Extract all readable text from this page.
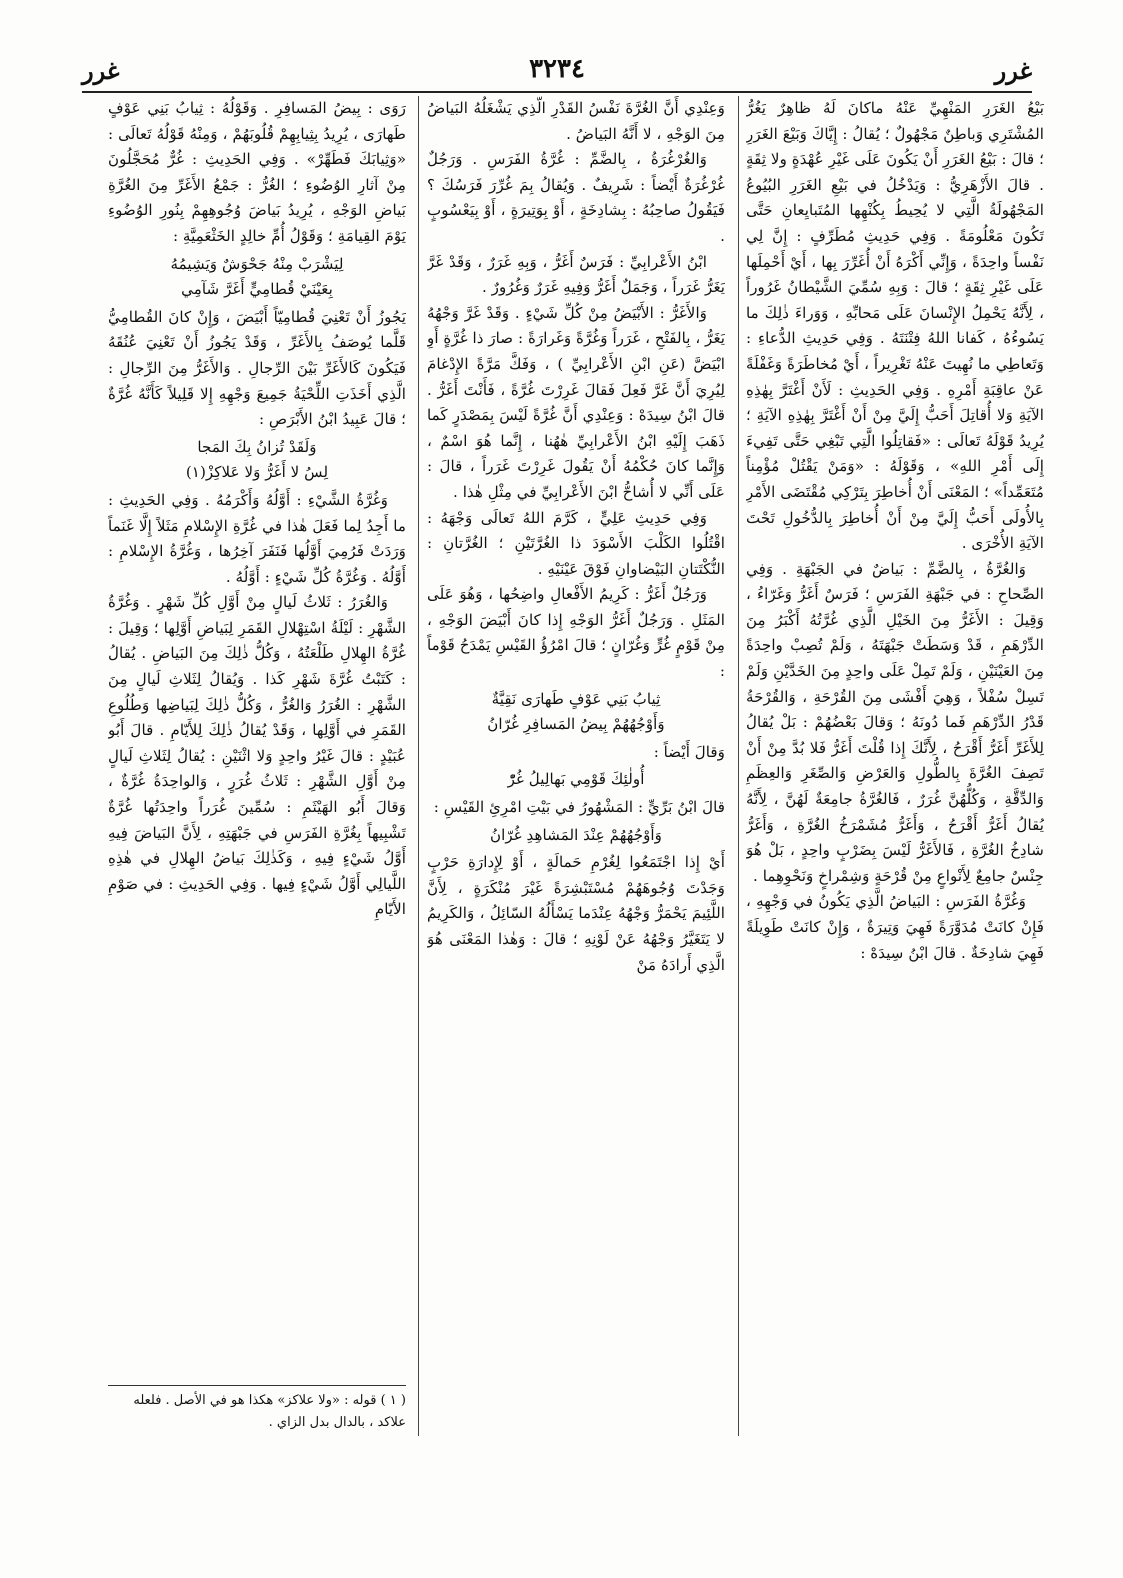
غرر
٣٢٣٤
غرر

بَيْعُ الغَرَرِ المَنْهِيِّ عَنْهُ ماكانَ لَهُ ظاهِرٌ يَغُرُّ المُشْتَرِي وَباطِنٌ مَجْهُولٌ ؛ يُقالُ : إِيَّاكَ وَبَيْعَ الغَرَرِ ؛ قالَ : بَيْعُ الغَرَرِ أَنْ يَكُونَ عَلَى غَيْرِ عُهْدَةٍ ولا ثِقَةٍ . قالَ الأَزْهَرِيُّ : وَيَدْخُلُ في بَيْعِ الغَرَرِ البُيُوعُ المَجْهُولَةُ الَّتِي لا يُحِيطُ بِكُنْهِها المُتَبايِعانِ حَتَّى تَكُونَ مَعْلُومَةً . وَفِي حَدِيثِ مُطَرِّفٍ : إِنَّ لِي نَفْساً واحِدَةً ، وَإِنِّي أَكْرَهُ أَنْ أُغَرِّرَ بِها ، أَيْ أَحْمِلَها عَلَى غَيْرِ ثِقَةٍ ؛ قالَ : وَبِهِ سُمِّيَ الشَّيْطانُ غَرُوراً ، لِأَنَّهُ يَحْمِلُ الإِنْسانَ عَلَى مَحابِّهِ ، وَوَراءَ ذٰلِكَ ما يَسُوءُهُ ، كَفانا اللهُ فِتْنَتَهُ . وَفِي حَدِيثِ الدُّعاءِ : وَتَعاطِي ما نُهِيتَ عَنْهُ تَغْرِيراً ، أَيْ مُخاطَرَةً وَغَفْلَةً عَنْ عاقِبَةِ أَمْرِهِ . وَفِي الحَدِيثِ : لَأَنْ أَغْتَرَّ بِهٰذِهِ الآيَةِ وَلا أُقاتِلَ أَحَبُّ إِلَيَّ مِنْ أَنْ أَغْتَرَّ بِهٰذِهِ الآيَةِ ؛ يُرِيدُ قَوْلَهُ تَعالَى : «فَقاتِلُوا الَّتِي تَبْغِي حَتَّى تَفِيءَ إِلَى أَمْرِ اللهِ» ، وَقَوْلَهُ : «وَمَنْ يَقْتُلْ مُؤْمِناً مُتَعَمِّداً» ؛ المَعْنَى أَنْ أُخاطِرَ بِتَرْكِي مُقْتَضَى الأَمْرِ بِالأُولَى أَحَبُّ إِلَيَّ مِنْ أَنْ أُخاطِرَ بِالدُّخُولِ تَحْتَ الآيَةِ الأُخْرَى .

وَالغُرَّةُ ، بِالضَّمِّ : بَياضٌ في الجَبْهَةِ . وَفِي الصِّحاحِ : في جَبْهَةِ الفَرَسِ ؛ فَرَسٌ أَغَرُّ وَغَرّاءُ ، وَقِيلَ : الأَغَرُّ مِنَ الخَيْلِ الَّذِي غُرَّتُهُ أَكْبَرُ مِنَ الدِّرْهَمِ ، قَدْ وَسَطَتْ جَبْهَتَهُ ، وَلَمْ تُصِبْ واحِدَةً مِنَ العَيْنَيْنِ ، وَلَمْ تَمِلْ عَلَى واحِدٍ مِنَ الخَدَّيْنِ وَلَمْ تَسِلْ سُفْلاً ، وَهِيَ أَفْشَى مِنَ القُرْحَةِ ، وَالقُرْحَةُ قَدْرُ الدِّرْهَمِ فَما دُونَهُ ؛ وَقالَ بَعْضُهُمْ : بَلْ يُقالُ لِلأَغَرِّ أَغَرُّ أَقْرَحُ ، لِأَنَّكَ إِذا قُلْتَ أَغَرُّ فَلا بُدَّ مِنْ أَنْ تَصِفَ الغُرَّةَ بِالطُّولِ وَالعَرْضِ وَالصِّغَرِ وَالعِظَمِ وَالدِّقَّةِ ، وَكُلُّهُنَّ غُرَرٌ ، فَالغُرَّةُ جامِعَةٌ لَهُنَّ ، لِأَنَّهُ يُقالُ أَغَرُّ أَقْرَحُ ، وَأَغَرُّ مُشَمْرَخُ الغُرَّةِ ، وَأَغَرُّ شادِخُ الغُرَّةِ ، فَالأَغَرُّ لَيْسَ بِضَرْبٍ واحِدٍ ، بَلْ هُوَ جِنْسٌ جامِعٌ لِأَنْواعٍ مِنْ قُرْحَةٍ وَشِمْراخٍ وَنَحْوِهِما .

وَغُرَّةُ الفَرَسِ : البَياضُ الَّذِي يَكُونُ في وَجْهِهِ ، فَإِنْ كانَتْ مُدَوَّرَةً فَهِيَ وَتِيرَةٌ ، وَإِنْ كانَتْ طَوِيلَةً فَهِيَ شادِخَةٌ . قالَ ابْنُ سِيدَهْ :

وَعِنْدِي أَنَّ الغُرَّةَ نَفْسُ القَدْرِ الَّذِي يَشْغَلُهُ البَياضُ مِنَ الوَجْهِ ، لا أَنَّهُ البَياضُ .

وَالغُرْغُرَةُ ، بِالضَّمِّ : غُرَّةُ الفَرَسِ . وَرَجُلٌ غُرْغُرَةٌ أَيْضاً : شَرِيفٌ . وَيُقالُ بِمَ غُرِّرَ فَرَسُكَ ؟ فَيَقُولُ صاحِبُهُ : بِشادِخَةٍ ، أَوْ بِوَتِيرَةٍ ، أَوْ بِيَعْسُوبٍ .

ابْنُ الأَعْرابِيِّ : فَرَسٌ أَغَرُّ ، وَبِهِ غَرَرٌ ، وَقَدْ غَرَّ يَغَرُّ غَرَراً ، وَجَمَلٌ أَغَرُّ وَفِيهِ غَرَرٌ وَغُرُورٌ .

وَالأَغَرُّ : الأَبْيَضُ مِنْ كُلِّ شَيْءٍ . وَقَدْ غَرَّ وَجْهُهُ يَغَرُّ ، بِالفَتْحِ ، غَرَراً وَغُرَّةً وَغَرارَةً : صارَ ذا غُرَّةٍ أَوِ ابْيَضَّ (عَنِ ابْنِ الأَعْرابِيِّ ) ، وَفَكَّ مَرَّةً الإِدْغامَ لِيُرِيَ أَنَّ غَرَّ فَعِلَ فَقالَ غَرِرْتَ غُرَّةً ، فَأَنْتَ أَغَرُّ . قالَ ابْنُ سِيدَهْ : وَعِنْدِي أَنَّ غُرَّةً لَيْسَ بِمَصْدَرٍ كَما ذَهَبَ إِلَيْهِ ابْنُ الأَعْرابِيِّ هٰهُنا ، إِنَّما هُوَ اسْمٌ ، وَإِنَّما كانَ حُكْمُهُ أَنْ يَقُولَ غَرِرْتَ غَرَراً ، قالَ : عَلَى أَنِّي لا أُشاحُّ ابْنَ الأَعْرابِيِّ في مِثْلِ هٰذا .

وَفِي حَدِيثِ عَلِيٍّ ، كَرَّمَ اللهُ تَعالَى وَجْهَهُ : اقْتُلُوا الكَلْبَ الأَسْوَدَ ذا الغُرَّتَيْنِ ؛ الغُرَّتانِ : النُّكْتَتانِ البَيْضاوانِ فَوْقَ عَيْنَيْهِ .

وَرَجُلٌ أَغَرُّ : كَرِيمُ الأَفْعالِ واضِحُها ، وَهُوَ عَلَى المَثَلِ . وَرَجُلٌ أَغَرُّ الوَجْهِ إِذا كانَ أَبْيَضَ الوَجْهِ ، مِنْ قَوْمٍ غُرٍّ وَغُرّانٍ ؛ قالَ امْرُؤُ القَيْسِ يَمْدَحُ قَوْماً :

ثِيابُ بَنِي عَوْفٍ طَهارَى نَقِيَّةٌ
وَأَوْجُهُهُمْ بِيضُ المَسافِرِ غُرّانُ

وَقالَ أَيْضاً :

أُولٰئِكَ قَوْمِي بَهالِيلُ غُرّْ

قالَ ابْنُ بَرِّيٍّ : المَشْهُورُ في بَيْتِ امْرِئِ القَيْسِ :

وَأَوْجُهُهُمْ عِنْدَ المَشاهِدِ غُرّانُ

أَيْ إِذا اجْتَمَعُوا لِغُرْمِ حَمالَةٍ ، أَوْ لِإِدارَةِ حَرْبٍ وَجَدْتَ وُجُوهَهُمْ مُسْتَبْشِرَةً غَيْرَ مُنْكَرَةٍ ، لِأَنَّ اللَّئِيمَ يَحْمَرُّ وَجْهُهُ عِنْدَما يَسْأَلُهُ السّائِلُ ، وَالكَرِيمُ لا يَتَغَيَّرُ وَجْهُهُ عَنْ لَوْنِهِ ؛ قالَ : وَهٰذا المَعْنَى هُوَ الَّذِي أَرادَهُ مَنْ

رَوَى : بِيضُ المَسافِرِ . وَقَوْلُهُ : ثِيابُ بَنِي عَوْفٍ طَهارَى ، يُرِيدُ بِثِيابِهِمْ قُلُوبَهُمْ ، وَمِنْهُ قَوْلُهُ تَعالَى : «وَثِيابَكَ فَطَهِّرْ» . وَفِي الحَدِيثِ : غُرٌّ مُحَجَّلُونَ مِنْ آثارِ الوُضُوءِ ؛ الغُرُّ : جَمْعُ الأَغَرِّ مِنَ الغُرَّةِ بَياضِ الوَجْهِ ، يُرِيدُ بَياضَ وُجُوهِهِمْ بِنُورِ الوُضُوءِ يَوْمَ القِيامَةِ ؛ وَقَوْلُ أُمِّ خالِدٍ الخَثْعَمِيَّةِ :

لِيَشْرَبْ مِنْهُ جَحْوَشٌ وَيَشِيمُهُ
بِعَيْنَيْ قُطامِيٍّ أَغَرَّ شَآمِي

يَجُوزُ أَنْ تَعْنِيَ قُطامِيّاً أَبْيَضَ ، وَإِنْ كانَ القُطامِيُّ قَلَّما يُوصَفُ بِالأَغَرِّ ، وَقَدْ يَجُوزُ أَنْ تَعْنِيَ عُنُقَهُ فَيَكُونَ كَالأَغَرِّ بَيْنَ الرِّجالِ . وَالأَغَرُّ مِنَ الرِّجالِ : الَّذِي أَخَذَتِ اللِّحْيَةُ جَمِيعَ وَجْهِهِ إِلا قَلِيلاً كَأَنَّهُ غُرَّةٌ ؛ قالَ عَبِيدُ ابْنُ الأَبْرَصِ :

وَلَقَدْ تُزانُ بِكَ المَجا
لِسُ لا أَغَرُّ وَلا عَلاكِزْ(١)

وَغُرَّةُ الشَّيْءِ : أَوَّلُهُ وَأَكْرَمُهُ . وَفِي الحَدِيثِ : ما أَجِدُ لِما فَعَلَ هٰذا في غُرَّةِ الإِسْلامِ مَثَلاً إِلَّا غَنَماً وَرَدَتْ فَرُمِيَ أَوَّلُها فَنَفَرَ آخِرُها ، وَغُرَّةُ الإِسْلامِ : أَوَّلُهُ . وَغُرَّةُ كُلِّ شَيْءٍ : أَوَّلُهُ .

وَالغُرَرُ : ثَلاثُ لَيالٍ مِنْ أَوَّلِ كُلِّ شَهْرٍ . وَغُرَّةُ الشَّهْرِ : لَيْلَةُ اسْتِهْلالِ القَمَرِ لِبَياضِ أَوَّلِها ؛ وَقِيلَ : غُرَّةُ الهِلالِ طَلْعَتُهُ ، وَكُلُّ ذٰلِكَ مِنَ البَياضِ . يُقالُ : كَتَبْتُ غُرَّةَ شَهْرِ كَذا . وَيُقالُ لِثَلاثِ لَيالٍ مِنَ الشَّهْرِ : الغُرَرُ وَالغُرُّ ، وَكُلُّ ذٰلِكَ لِبَياضِها وَطُلُوعِ القَمَرِ في أَوَّلِها ، وَقَدْ يُقالُ ذٰلِكَ لِلأَيّامِ . قالَ أَبُو عُبَيْدٍ : قالَ غَيْرُ واحِدٍ وَلا اثْنَيْنِ : يُقالُ لِثَلاثِ لَيالٍ مِنْ أَوَّلِ الشَّهْرِ : ثَلاثُ غُرَرٍ ، وَالواحِدَةُ غُرَّةٌ ، وَقالَ أَبُو الهَيْثَمِ : سُمِّينَ غُرَراً واحِدَتُها غُرَّةٌ تَشْبِيهاً بِغُرَّةِ الفَرَسِ في جَبْهَتِهِ ، لِأَنَّ البَياضَ فِيهِ أَوَّلُ شَيْءٍ فِيهِ ، وَكَذٰلِكَ بَياضُ الهِلالِ في هٰذِهِ اللَّيالِي أَوَّلُ شَيْءٍ فِيها . وَفِي الحَدِيثِ : في صَوْمِ الأَيّامِ

( ١ ) قوله : «ولا علاكز» هكذا هو في الأصل . فلعله علاكد ، بالدال بدل الزاي .
